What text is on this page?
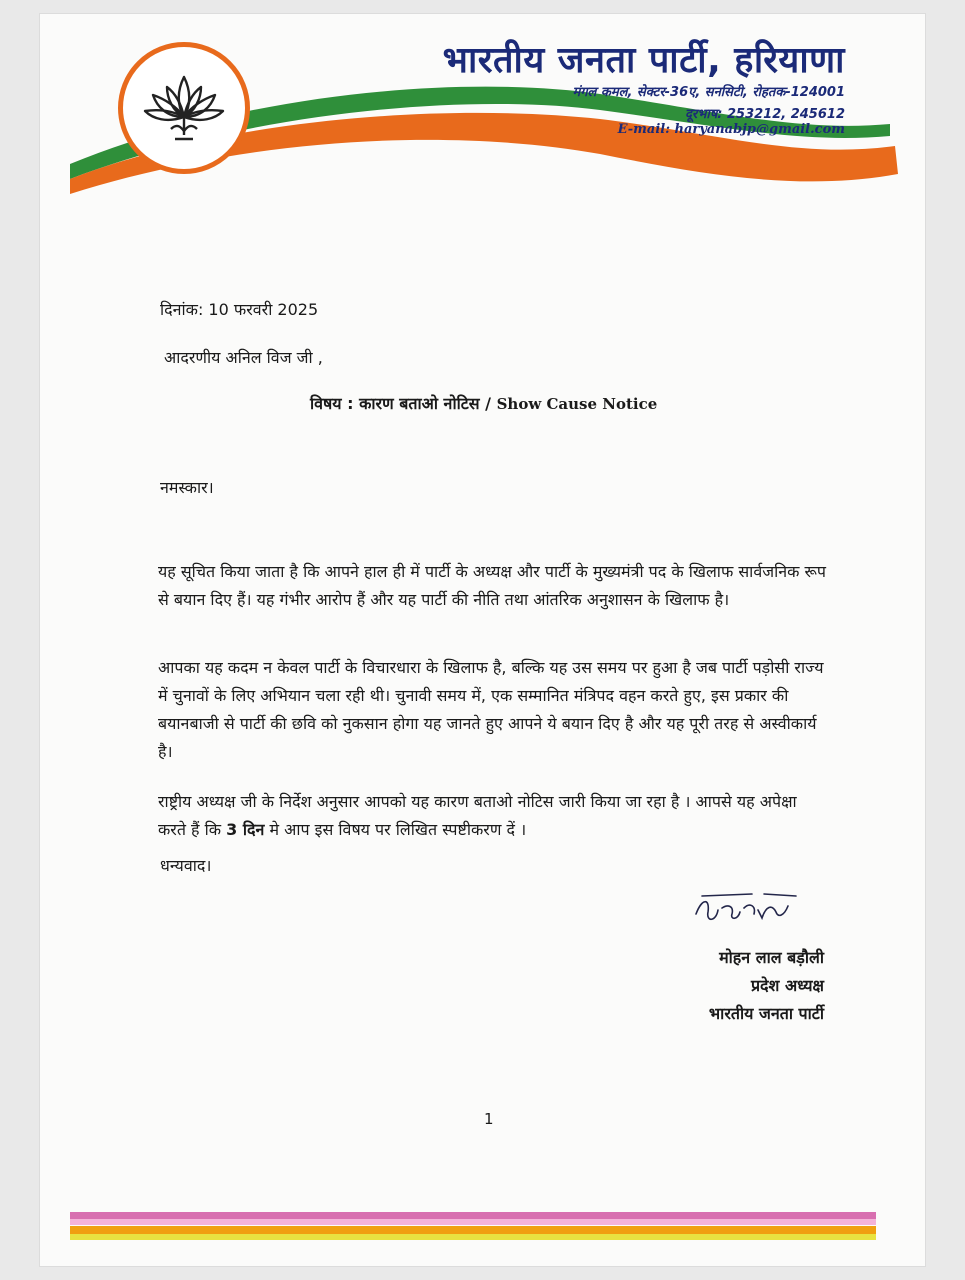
भारतीय जनता पार्टी, हरियाणा
मंगल कमल, सेक्टर-36ए, सनसिटी, रोहतक-124001
दूरभाष: 253212, 245612
E-mail: haryanabjp@gmail.com
दिनांक: 10 फरवरी 2025
आदरणीय अनिल विज जी ,
विषय : कारण बताओ नोटिस / Show Cause Notice
नमस्कार।
यह सूचित किया जाता है कि आपने हाल ही में पार्टी के अध्यक्ष और पार्टी के मुख्यमंत्री पद के खिलाफ सार्वजनिक रूप से बयान दिए हैं। यह गंभीर आरोप हैं और यह पार्टी की नीति तथा आंतरिक अनुशासन के खिलाफ है।
आपका यह कदम न केवल पार्टी के विचारधारा के खिलाफ है, बल्कि यह उस समय पर हुआ है जब पार्टी पड़ोसी राज्य में चुनावों के लिए अभियान चला रही थी। चुनावी समय में, एक सम्मानित मंत्रिपद वहन करते हुए, इस प्रकार की बयानबाजी से पार्टी की छवि को नुकसान होगा यह जानते हुए आपने ये बयान दिए है और यह पूरी तरह से अस्वीकार्य है।
राष्ट्रीय अध्यक्ष जी के निर्देश अनुसार आपको यह कारण बताओ नोटिस जारी किया जा रहा है । आपसे यह अपेक्षा करते हैं कि 3 दिन मे आप इस विषय पर लिखित स्पष्टीकरण दें ।
धन्यवाद।
मोहन लाल बड़ौली
प्रदेश अध्यक्ष
भारतीय जनता पार्टी
1
